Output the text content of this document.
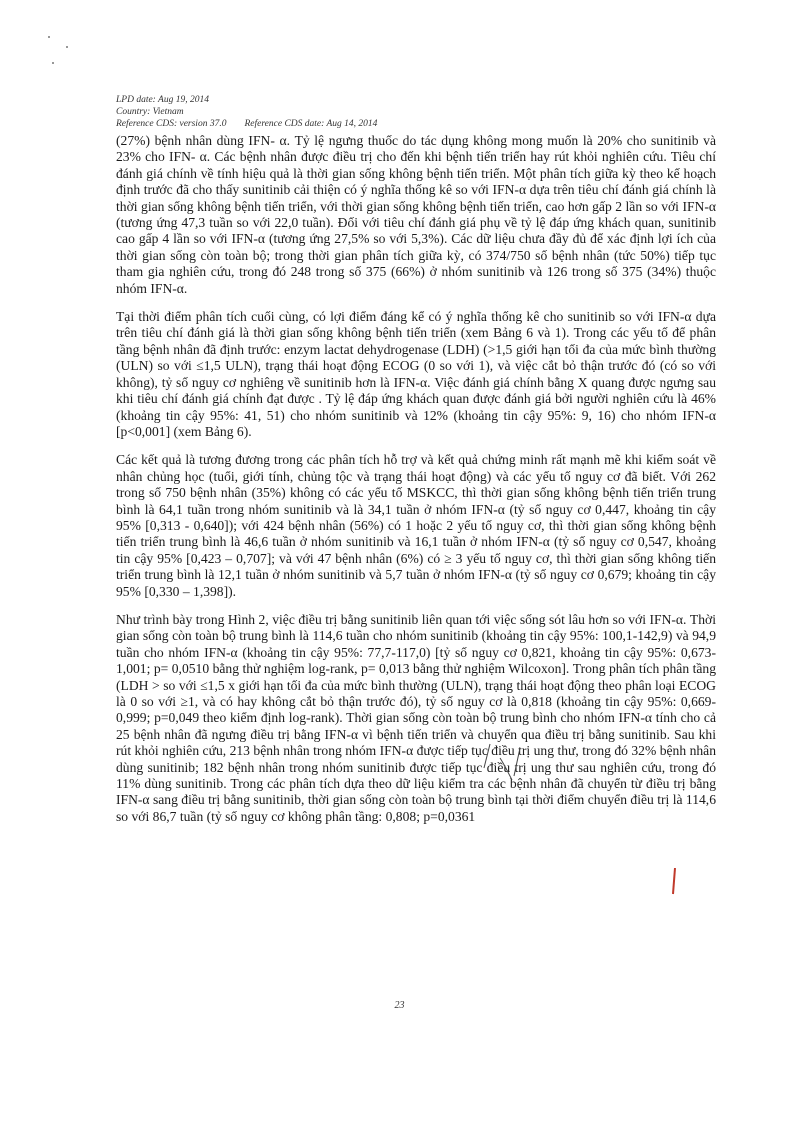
LPD date: Aug 19, 2014
Country: Vietnam
Reference CDS: version 37.0 Reference CDS date: Aug 14, 2014

(27%) bệnh nhân dùng IFN- α. Tỷ lệ ngưng thuốc do tác dụng không mong muốn là 20% cho sunitinib và 23% cho IFN- α. Các bệnh nhân được điều trị cho đến khi bệnh tiến triển hay rút khỏi nghiên cứu. Tiêu chí đánh giá chính về tính hiệu quả là thời gian sống không bệnh tiến triển. Một phân tích giữa kỳ theo kế hoạch định trước đã cho thấy sunitinib cải thiện có ý nghĩa thống kê so với IFN-α dựa trên tiêu chí đánh giá chính là thời gian sống không bệnh tiến triển, với thời gian sống không bệnh tiến triển, cao hơn gấp 2 lần so với IFN-α (tương ứng 47,3 tuần so với 22,0 tuần). Đối với tiêu chí đánh giá phụ về tỷ lệ đáp ứng khách quan, sunitinib cao gấp 4 lần so với IFN-α (tương ứng 27,5% so với 5,3%). Các dữ liệu chưa đầy đủ để xác định lợi ích của thời gian sống còn toàn bộ; trong thời gian phân tích giữa kỳ, có 374/750 số bệnh nhân (tức 50%) tiếp tục tham gia nghiên cứu, trong đó 248 trong số 375 (66%) ở nhóm sunitinib và 126 trong số 375 (34%) thuộc nhóm IFN-α.

Tại thời điểm phân tích cuối cùng, có lợi điểm đáng kể có ý nghĩa thống kê cho sunitinib so với IFN-α dựa trên tiêu chí đánh giá là thời gian sống không bệnh tiến triển (xem Bảng 6 và 1). Trong các yếu tố để phân tầng bệnh nhân đã định trước: enzym lactat dehydrogenase (LDH) (>1,5 giới hạn tối đa của mức bình thường (ULN) so với ≤1,5 ULN), trạng thái hoạt động ECOG (0 so với 1), và việc cắt bỏ thận trước đó (có so với không), tỷ số nguy cơ nghiêng về sunitinib hơn là IFN-α. Việc đánh giá chính bằng X quang được ngưng sau khi tiêu chí đánh giá chính đạt được . Tỷ lệ đáp ứng khách quan được đánh giá bởi người nghiên cứu là 46% (khoảng tin cậy 95%: 41, 51) cho nhóm sunitinib và 12% (khoảng tin cậy 95%: 9, 16) cho nhóm IFN-α [p<0,001] (xem Bảng 6).

Các kết quả là tương đương trong các phân tích hỗ trợ và kết quả chứng minh rất mạnh mẽ khi kiểm soát về nhân chủng học (tuổi, giới tính, chủng tộc và trạng thái hoạt động) và các yếu tố nguy cơ đã biết. Với 262 trong số 750 bệnh nhân (35%) không có các yếu tố MSKCC, thì thời gian sống không bệnh tiến triển trung bình là 64,1 tuần trong nhóm sunitinib và là 34,1 tuần ở nhóm IFN-α (tỷ số nguy cơ 0,447, khoảng tin cậy 95% [0,313 - 0,640]); với 424 bệnh nhân (56%) có 1 hoặc 2 yếu tố nguy cơ, thì thời gian sống không bệnh tiến triển trung bình là 46,6 tuần ở nhóm sunitinib và 16,1 tuần ở nhóm IFN-α (tỷ số nguy cơ 0,547, khoảng tin cậy 95% [0,423 – 0,707]; và với 47 bệnh nhân (6%) có ≥ 3 yếu tố nguy cơ, thì thời gian sống không tiến triển trung bình là 12,1 tuần ở nhóm sunitinib và 5,7 tuần ở nhóm IFN-α (tỷ số nguy cơ 0,679; khoảng tin cậy 95% [0,330 – 1,398]).

Như trình bày trong Hình 2, việc điều trị bằng sunitinib liên quan tới việc sống sót lâu hơn so với IFN-α. Thời gian sống còn toàn bộ trung bình là 114,6 tuần cho nhóm sunitinib (khoảng tin cậy 95%: 100,1-142,9) và 94,9 tuần cho nhóm IFN-α (khoảng tin cậy 95%: 77,7-117,0) [tỷ số nguy cơ 0,821, khoảng tin cậy 95%: 0,673-1,001; p= 0,0510 bằng thử nghiệm log-rank, p= 0,013 bằng thử nghiệm Wilcoxon]. Trong phân tích phân tầng (LDH > so với ≤1,5 x giới hạn tối đa của mức bình thường (ULN), trạng thái hoạt động theo phân loại ECOG là 0 so với ≥1, và có hay không cắt bỏ thận trước đó), tỷ số nguy cơ là 0,818 (khoảng tin cậy 95%: 0,669-0,999; p=0,049 theo kiểm định log-rank). Thời gian sống còn toàn bộ trung bình cho nhóm IFN-α tính cho cả 25 bệnh nhân đã ngưng điều trị bằng IFN-α vì bệnh tiến triển và chuyển qua điều trị bằng sunitinib. Sau khi rút khỏi nghiên cứu, 213 bệnh nhân trong nhóm IFN-α được tiếp tục điều trị ung thư, trong đó 32% bệnh nhân dùng sunitinib; 182 bệnh nhân trong nhóm sunitinib được tiếp tục điều trị ung thư sau nghiên cứu, trong đó 11% dùng sunitinib. Trong các phân tích dựa theo dữ liệu kiểm tra các bệnh nhân đã chuyển từ điều trị bằng IFN-α sang điều trị bằng sunitinib, thời gian sống còn toàn bộ trung bình tại thời điểm chuyển điều trị là 114,6 so với 86,7 tuần (tỷ số nguy cơ không phân tầng: 0,808; p=0,0361

23
